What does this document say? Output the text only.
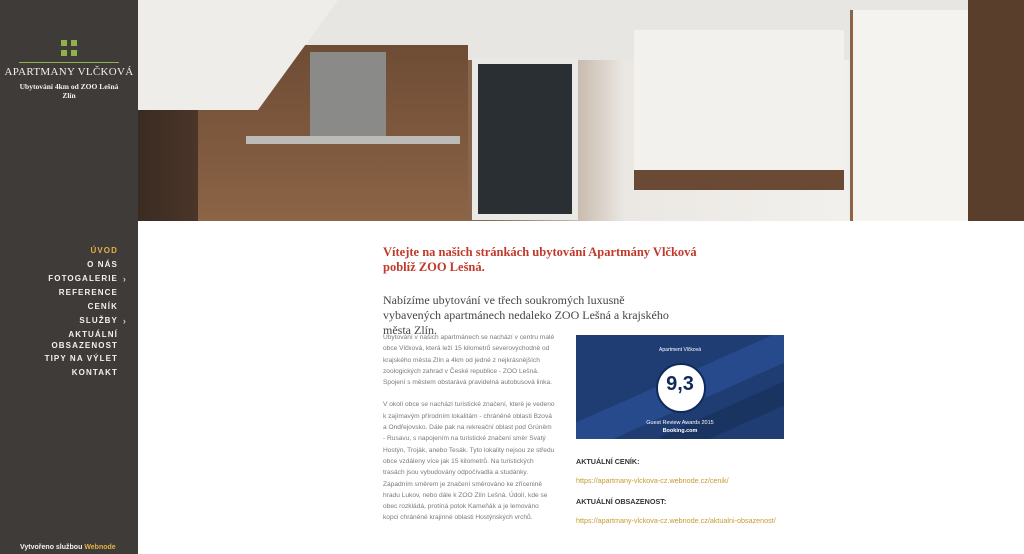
APARTMANY VLČKOVÁ
Ubytování 4km od ZOO Lešná
Zlín
ÚVOD
O NÁS
FOTOGALERIE ›
REFERENCE
CENÍK
SLUŽBY ›
AKTUÁLNÍ
OBSAZENOST
TIPY NA VÝLET
KONTAKT
Vytvořeno službou Webnode
Vítejte na našich stránkách ubytování Apartmány Vlčková poblíž ZOO Lešná.
Nabízíme ubytování ve třech soukromých luxusně vybavených apartmánech nedaleko ZOO Lešná a krajského města Zlín.

Ubytování v našich apartmánech se nachází v centru malé obce Vlčková, která leží 15 kilometrů severovýchodně od krajského města Zlín a 4km od jedné z nejkrásnějších zoologických zahrad v České republice - ZOO Lešná. Spojení s městem obstarává pravidelná autobusová linka.

V okolí obce se nachází turistické značení, které je vedeno k zajímavým přírodním lokalitám - chráněné oblasti Bzová a Ondřejovsko. Dále pak na rekreační oblast pod Grúněm - Rusavu, s napojením na turistické značení směr Svatý Hostýn, Troják, anebo Tesák. Tyto lokality nejsou ze středu obce vzdáleny více jak 15 kilometrů. Na turistických trasách jsou vybudovány odpočívadla a studánky. Západním směrem je značení směrováno ke zřícenině hradu Lukov, nebo dále k ZOO Zlín Lešná. Údolí, kde se obec rozkládá, protíná potok Kameňák a je lemováno kopci chráněné krajinné oblasti Hostýnských vrchů.

Apartment Vlčková
9,3
Guest Review Awards 2015
Booking.com
AKTUÁLNÍ CENÍK:
https://apartmany-vlckova-cz.webnode.cz/cenik/
AKTUÁLNÍ OBSAZENOST:
https://apartmany-vlckova-cz.webnode.cz/aktualni-obsazenost/
